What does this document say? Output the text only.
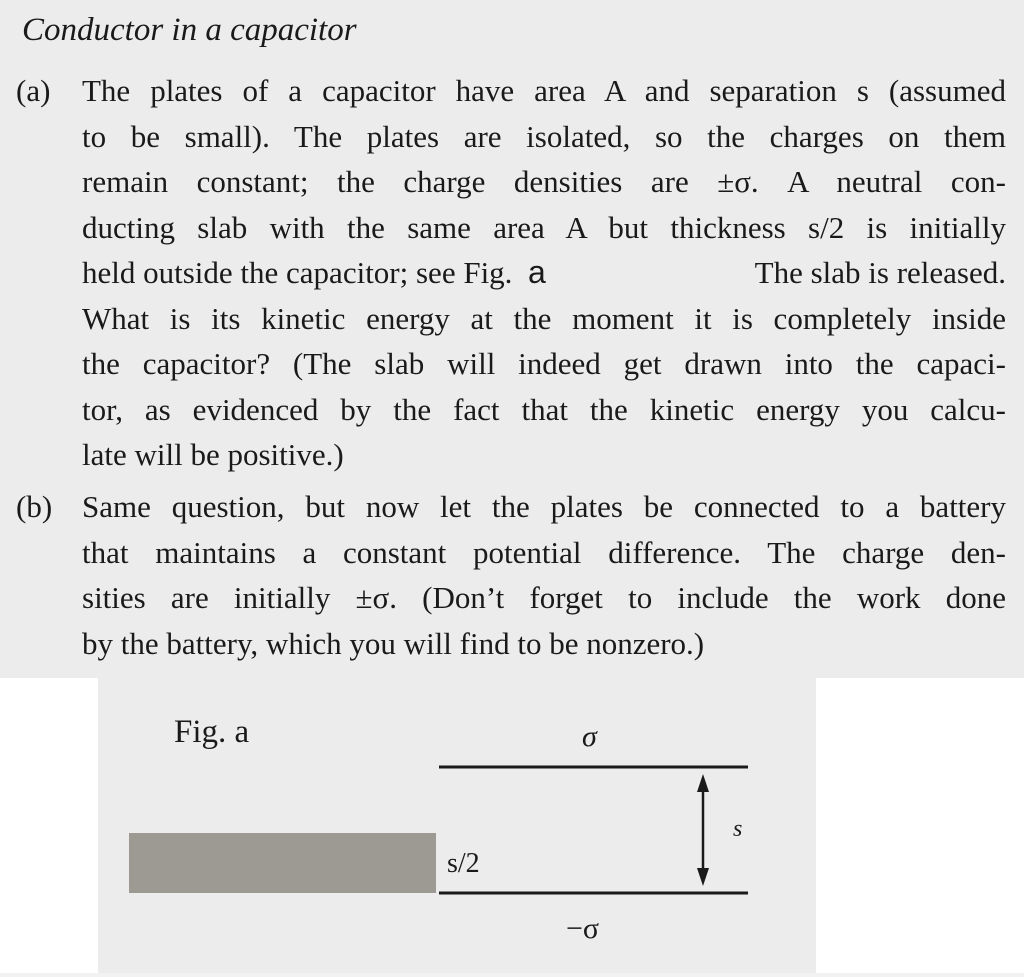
Conductor in a capacitor
(a) The plates of a capacitor have area A and separation s (assumed
to be small). The plates are isolated, so the charges on them
remain constant; the charge densities are ±σ. A neutral con-
ducting slab with the same area A but thickness s/2 is initially
held outside the capacitor; see Fig. a	The slab is released.
What is its kinetic energy at the moment it is completely inside
the capacitor? (The slab will indeed get drawn into the capaci-
tor, as evidenced by the fact that the kinetic energy you calcu-
late will be positive.)
(b) Same question, but now let the plates be connected to a battery
that maintains a constant potential difference. The charge den-
sities are initially ±σ. (Don’t forget to include the work done
by the battery, which you will find to be nonzero.)
Fig. a	σ
−σ
s
s/2
